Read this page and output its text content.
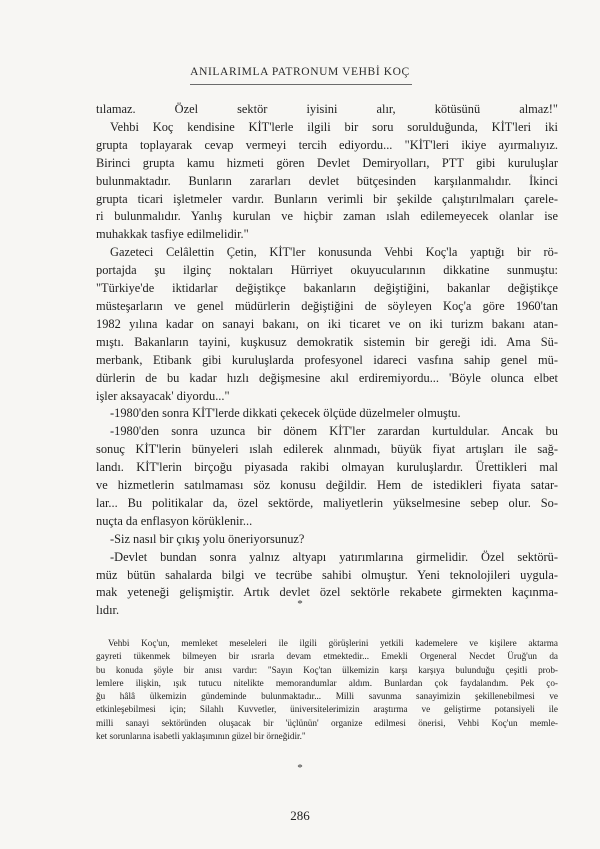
ANILARIMLA PATRONUM VEHBİ KOÇ
tılamaz. Özel sektör iyisini alır, kötüsünü almaz!"
Vehbi Koç kendisine KİT'lerle ilgili bir soru sorulduğunda, KİT'leri iki
grupta toplayarak cevap vermeyi tercih ediyordu... "KİT'leri ikiye ayırmalıyız.
Birinci grupta kamu hizmeti gören Devlet Demiryolları, PTT gibi kuruluşlar
bulunmaktadır. Bunların zararları devlet bütçesinden karşılanmalıdır. İkinci
grupta ticari işletmeler vardır. Bunların verimli bir şekilde çalıştırılmaları çarele-
ri bulunmalıdır. Yanlış kurulan ve hiçbir zaman ıslah edilemeyecek olanlar ise
muhakkak tasfiye edilmelidir."
Gazeteci Celâlettin Çetin, KİT'ler konusunda Vehbi Koç'la yaptığı bir rö-
portajda şu ilginç noktaları Hürriyet okuyucularının dikkatine sunmuştu:
"Türkiye'de iktidarlar değiştikçe bakanların değiştiğini, bakanlar değiştikçe
müsteşarların ve genel müdürlerin değiştiğini de söyleyen Koç'a göre 1960'tan
1982 yılına kadar on sanayi bakanı, on iki ticaret ve on iki turizm bakanı atan-
mıştı. Bakanların tayini, kuşkusuz demokratik sistemin bir gereği idi. Ama Sü-
merbank, Etibank gibi kuruluşlarda profesyonel idareci vasfına sahip genel mü-
dürlerin de bu kadar hızlı değişmesine akıl erdiremiyordu... 'Böyle olunca elbet
işler aksayacak' diyordu..."
-1980'den sonra KİT'lerde dikkati çekecek ölçüde düzelmeler olmuştu.
-1980'den sonra uzunca bir dönem KİT'ler zarardan kurtuldular. Ancak bu
sonuç KİT'lerin bünyeleri ıslah edilerek alınmadı, büyük fiyat artışları ile sağ-
landı. KİT'lerin birçoğu piyasada rakibi olmayan kuruluşlardır. Ürettikleri mal
ve hizmetlerin satılmaması söz konusu değildir. Hem de istedikleri fiyata satar-
lar... Bu politikalar da, özel sektörde, maliyetlerin yükselmesine sebep olur. So-
nuçta da enflasyon körüklenir...
-Siz nasıl bir çıkış yolu öneriyorsunuz?
-Devlet bundan sonra yalnız altyapı yatırımlarına girmelidir. Özel sektörü-
müz bütün sahalarda bilgi ve tecrübe sahibi olmuştur. Yeni teknolojileri uygula-
mak yeteneği gelişmiştir. Artık devlet özel sektörle rekabete girmekten kaçınma-
lıdır.	*
Vehbi Koç'un, memleket meseleleri ile ilgili görüşlerini yetkili kademelere ve kişilere aktarma
gayreti tükenmek bilmeyen bir ısrarla devam etmektedir... Emekli Orgeneral Necdet Üruğ'un da
bu konuda şöyle bir anısı vardır: "Sayın Koç'tan ülkemizin karşı karşıya bulunduğu çeşitli prob-
lemlere ilişkin, ışık tutucu nitelikte memorandumlar aldım. Bunlardan çok faydalandım. Pek ço-
ğu hâlâ ülkemizin gündeminde bulunmaktadır... Milli savunma sanayimizin şekillenebilmesi ve
etkinleşebilmesi için; Silahlı Kuvvetler, üniversitelerimizin araştırma ve geliştirme potansiyeli ile
milli sanayi sektöründen oluşacak bir 'üçlünün' organize edilmesi önerisi, Vehbi Koç'un memle-
ket sorunlarına isabetli yaklaşımının güzel bir örneğidir."
*
286
